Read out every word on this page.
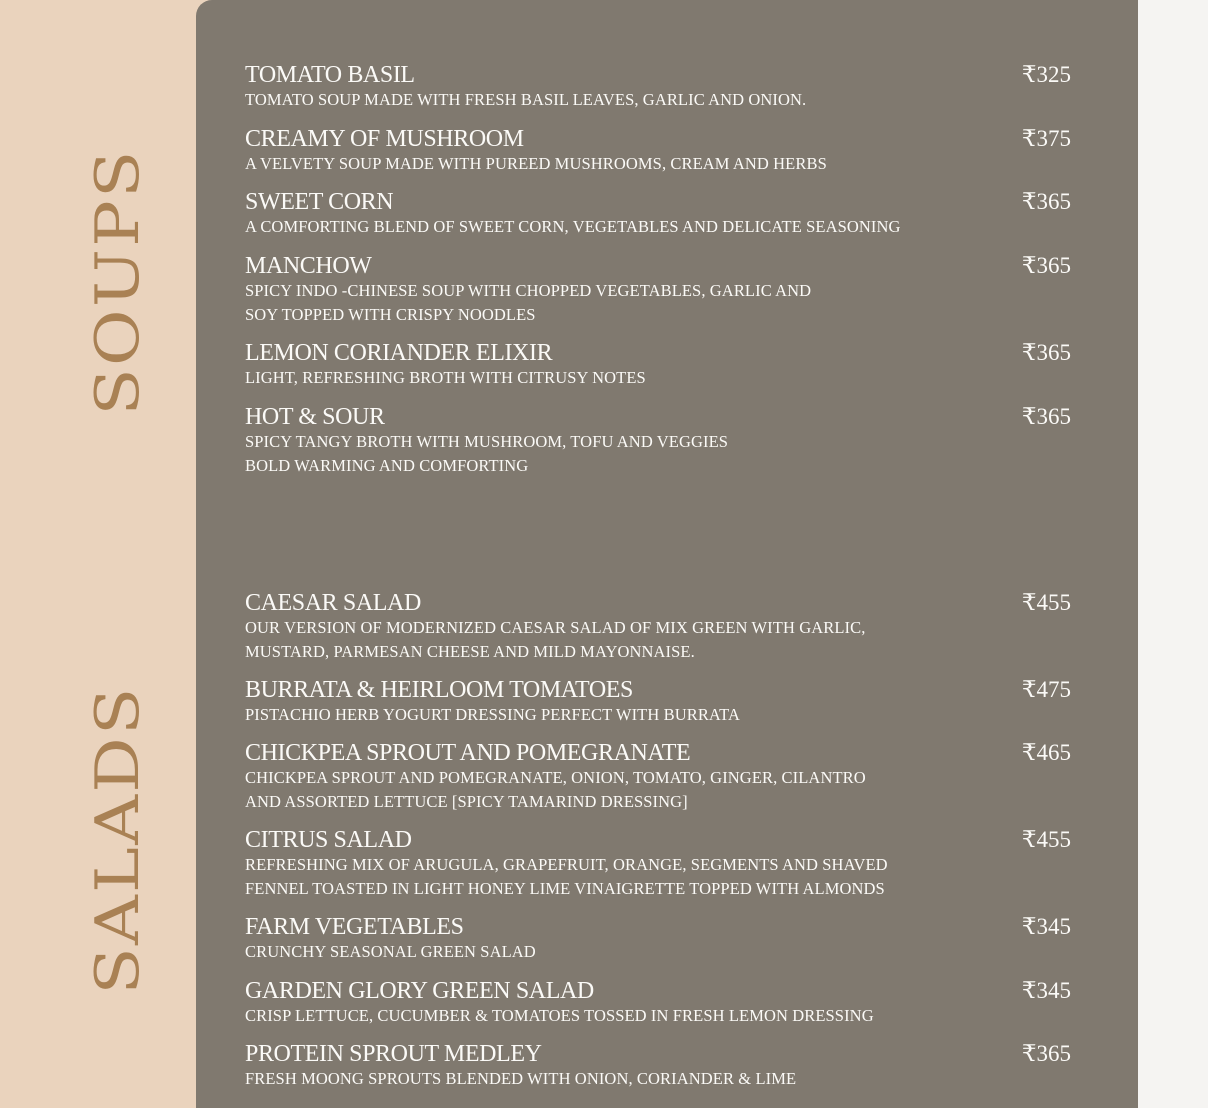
SOUPS
SALADS
TOMATO BASIL	₹325
TOMATO SOUP MADE WITH FRESH BASIL LEAVES, GARLIC AND ONION.
CREAMY OF MUSHROOM	₹375
A VELVETY SOUP MADE WITH PUREED MUSHROOMS, CREAM AND HERBS
SWEET CORN	₹365
A COMFORTING BLEND OF SWEET CORN, VEGETABLES AND DELICATE SEASONING
MANCHOW	₹365
SPICY INDO -CHINESE SOUP WITH CHOPPED VEGETABLES, GARLIC AND
SOY TOPPED WITH CRISPY NOODLES
LEMON CORIANDER ELIXIR	₹365
LIGHT, REFRESHING BROTH WITH CITRUSY NOTES
HOT & SOUR	₹365
SPICY TANGY BROTH WITH MUSHROOM, TOFU AND VEGGIES
BOLD WARMING AND COMFORTING
CAESAR SALAD	₹455
OUR VERSION OF MODERNIZED CAESAR SALAD OF MIX GREEN WITH GARLIC,
MUSTARD, PARMESAN CHEESE AND MILD MAYONNAISE.
BURRATA & HEIRLOOM TOMATOES	₹475
PISTACHIO HERB YOGURT DRESSING PERFECT WITH BURRATA
CHICKPEA SPROUT AND POMEGRANATE	₹465
CHICKPEA SPROUT AND POMEGRANATE, ONION, TOMATO, GINGER, CILANTRO
AND ASSORTED LETTUCE [SPICY TAMARIND DRESSING]
CITRUS SALAD	₹455
REFRESHING MIX OF ARUGULA, GRAPEFRUIT, ORANGE, SEGMENTS AND SHAVED
FENNEL TOASTED IN LIGHT HONEY LIME VINAIGRETTE TOPPED WITH ALMONDS
FARM VEGETABLES	₹345
CRUNCHY SEASONAL GREEN SALAD
GARDEN GLORY GREEN SALAD	₹345
CRISP LETTUCE, CUCUMBER & TOMATOES TOSSED IN FRESH LEMON DRESSING
PROTEIN SPROUT MEDLEY	₹365
FRESH MOONG SPROUTS BLENDED WITH ONION, CORIANDER & LIME
